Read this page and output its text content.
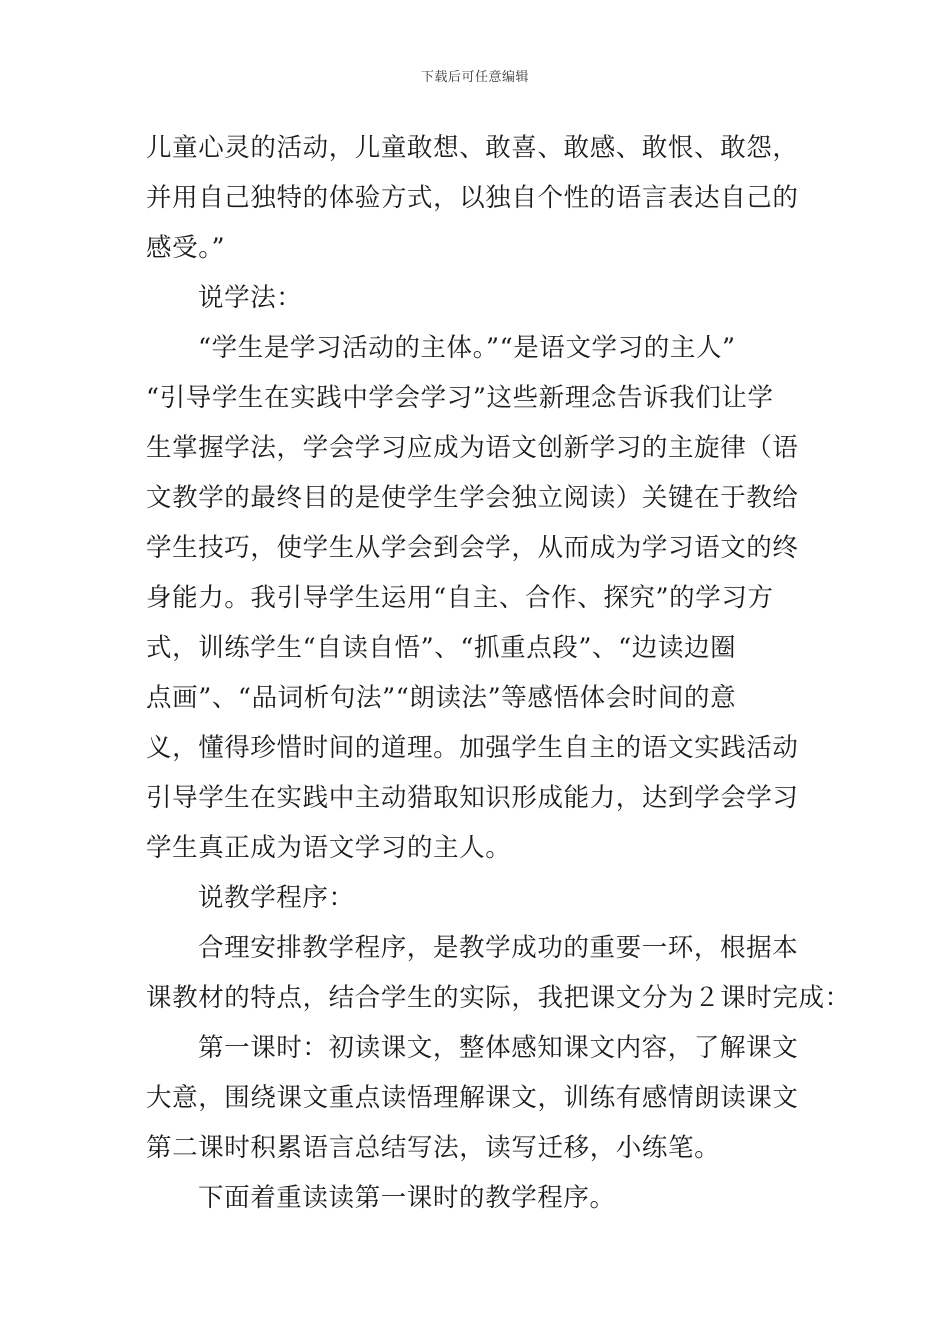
下载后可任意编辑
儿童心灵的活动，儿童敢想、敢喜、敢感、敢恨、敢怨，
并用自己独特的体验方式，以独自个性的语言表达自己的
感受。”
说学法：
“学生是学习活动的主体。”“是语文学习的主人”
“引导学生在实践中学会学习”这些新理念告诉我们让学
生掌握学法，学会学习应成为语文创新学习的主旋律（语
文教学的最终目的是使学生学会独立阅读）关键在于教给
学生技巧，使学生从学会到会学，从而成为学习语文的终
身能力。我引导学生运用“自主、合作、探究”的学习方
式，训练学生“自读自悟”、“抓重点段”、“边读边圈
点画”、“品词析句法”“朗读法”等感悟体会时间的意
义，懂得珍惜时间的道理。加强学生自主的语文实践活动
引导学生在实践中主动猎取知识形成能力，达到学会学习
学生真正成为语文学习的主人。
说教学程序：
合理安排教学程序，是教学成功的重要一环，根据本
课教材的特点，结合学生的实际，我把课文分为２课时完成：
第一课时：初读课文，整体感知课文内容，了解课文
大意，围绕课文重点读悟理解课文，训练有感情朗读课文
第二课时积累语言总结写法，读写迁移，小练笔。
下面着重读读第一课时的教学程序。
